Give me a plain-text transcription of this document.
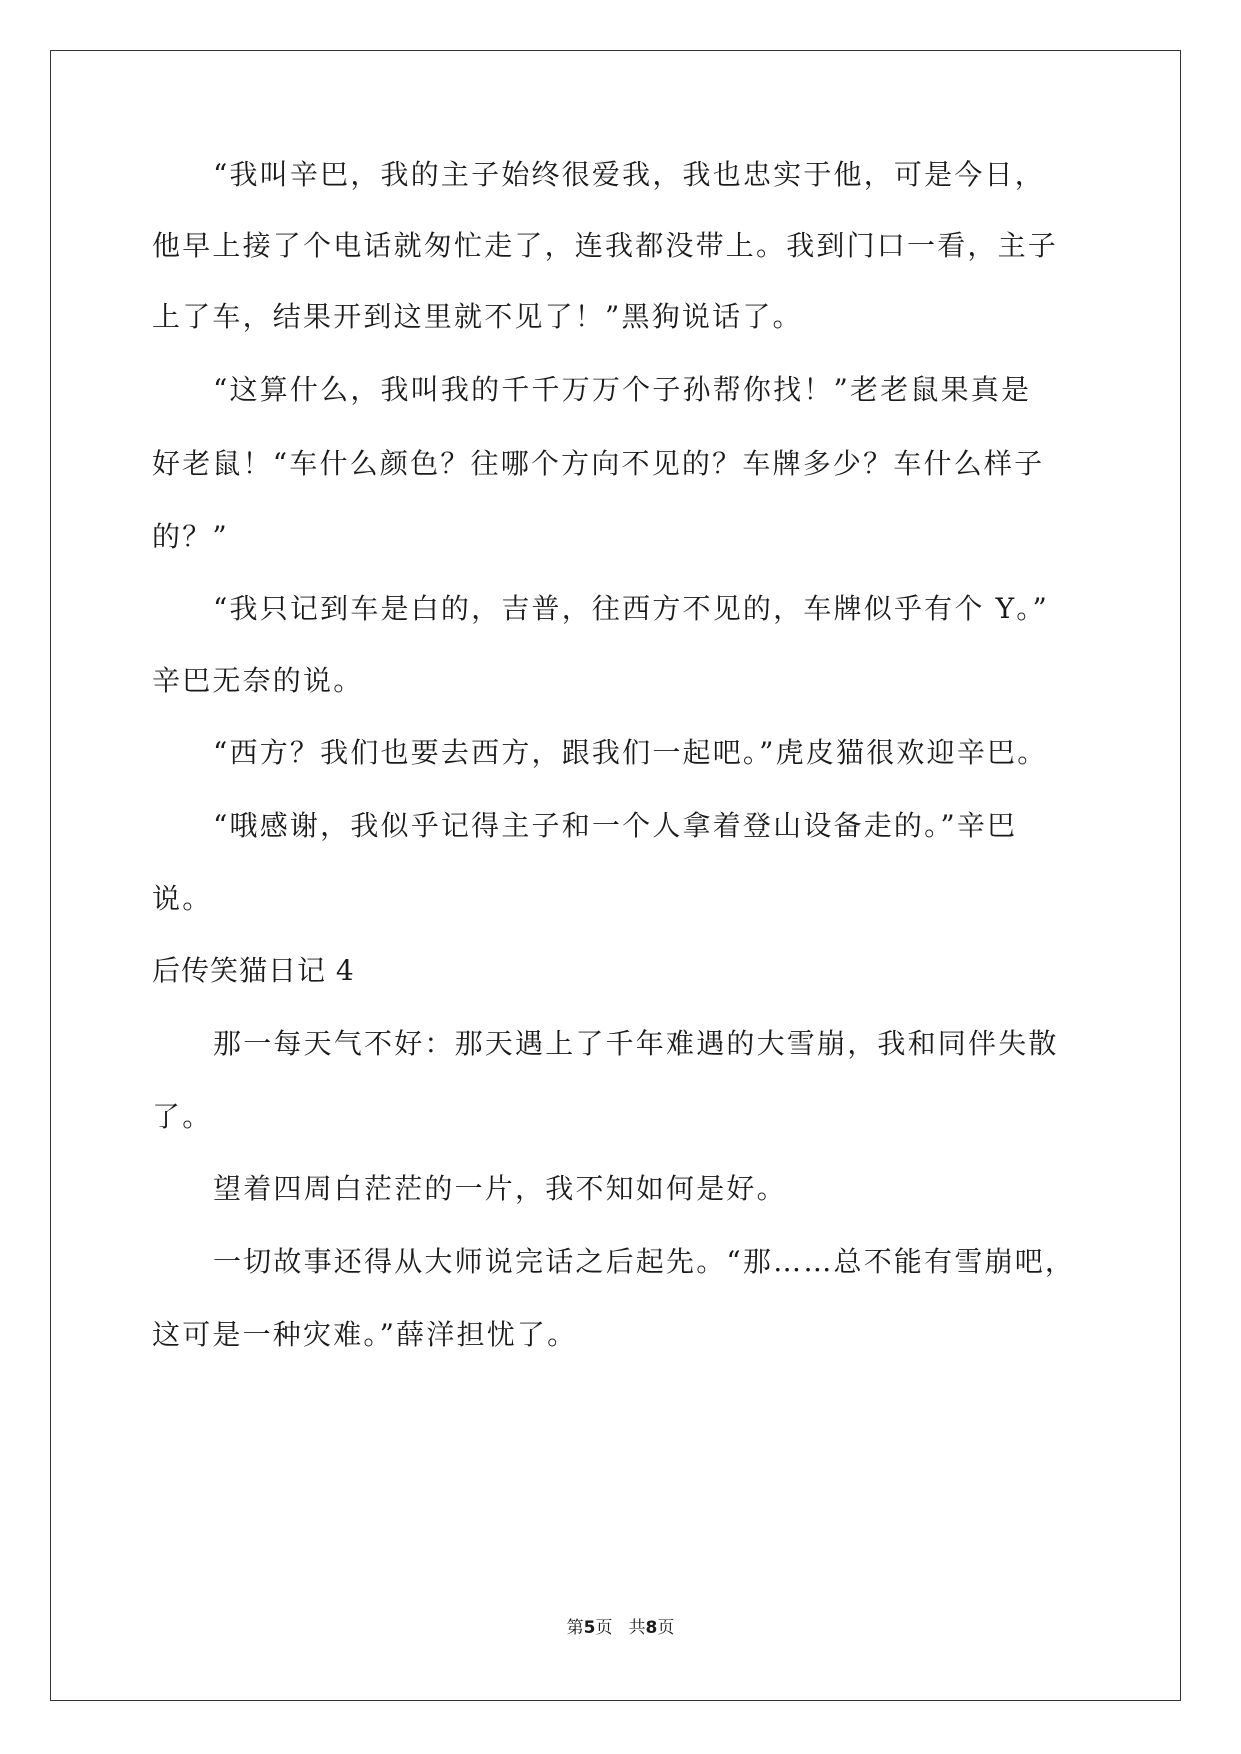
“我叫辛巴，我的主子始终很爱我，我也忠实于他，可是今日，
他早上接了个电话就匆忙走了，连我都没带上。我到门口一看，主子
上了车，结果开到这里就不见了！”黑狗说话了。
“这算什么，我叫我的千千万万个子孙帮你找！”老老鼠果真是
好老鼠！“车什么颜色？往哪个方向不见的？车牌多少？车什么样子
的？”
“我只记到车是白的，吉普，往西方不见的，车牌似乎有个 Y。”
辛巴无奈的说。
“西方？我们也要去西方，跟我们一起吧。”虎皮猫很欢迎辛巴。
“哦感谢，我似乎记得主子和一个人拿着登山设备走的。”辛巴
说。
后传笑猫日记 4
那一每天气不好：那天遇上了千年难遇的大雪崩，我和同伴失散
了。
望着四周白茫茫的一片，我不知如何是好。
一切故事还得从大师说完话之后起先。“那……总不能有雪崩吧，
这可是一种灾难。”薛洋担忧了。
第5页 共8页
